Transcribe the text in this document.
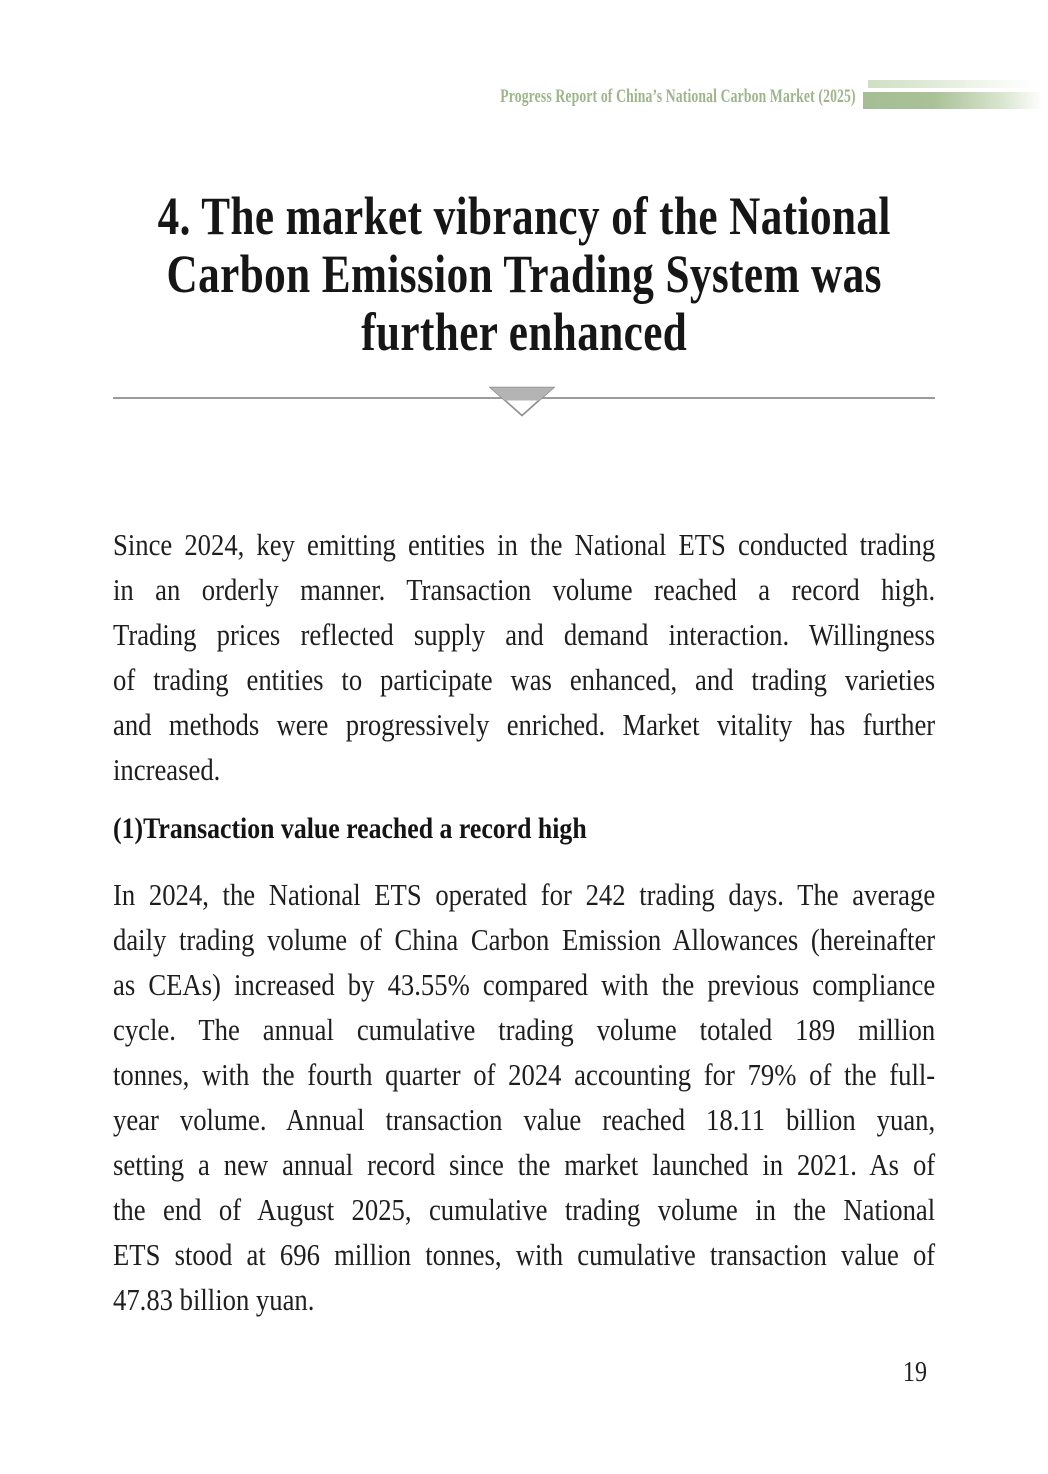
Progress Report of China’s National Carbon Market (2025)
4. The market vibrancy of the National
Carbon Emission Trading System was
further enhanced
Since 2024, key emitting entities in the National ETS conducted trading
in an orderly manner. Transaction volume reached a record high.
Trading prices reflected supply and demand interaction. Willingness
of trading entities to participate was enhanced, and trading varieties
and methods were progressively enriched. Market vitality has further
increased.
(1)Transaction value reached a record high
In 2024, the National ETS operated for 242 trading days. The average
daily trading volume of China Carbon Emission Allowances (hereinafter
as CEAs) increased by 43.55% compared with the previous compliance
cycle. The annual cumulative trading volume totaled 189 million
tonnes, with the fourth quarter of 2024 accounting for 79% of the full-
year volume. Annual transaction value reached 18.11 billion yuan,
setting a new annual record since the market launched in 2021. As of
the end of August 2025, cumulative trading volume in the National
ETS stood at 696 million tonnes, with cumulative transaction value of
47.83 billion yuan.
19
